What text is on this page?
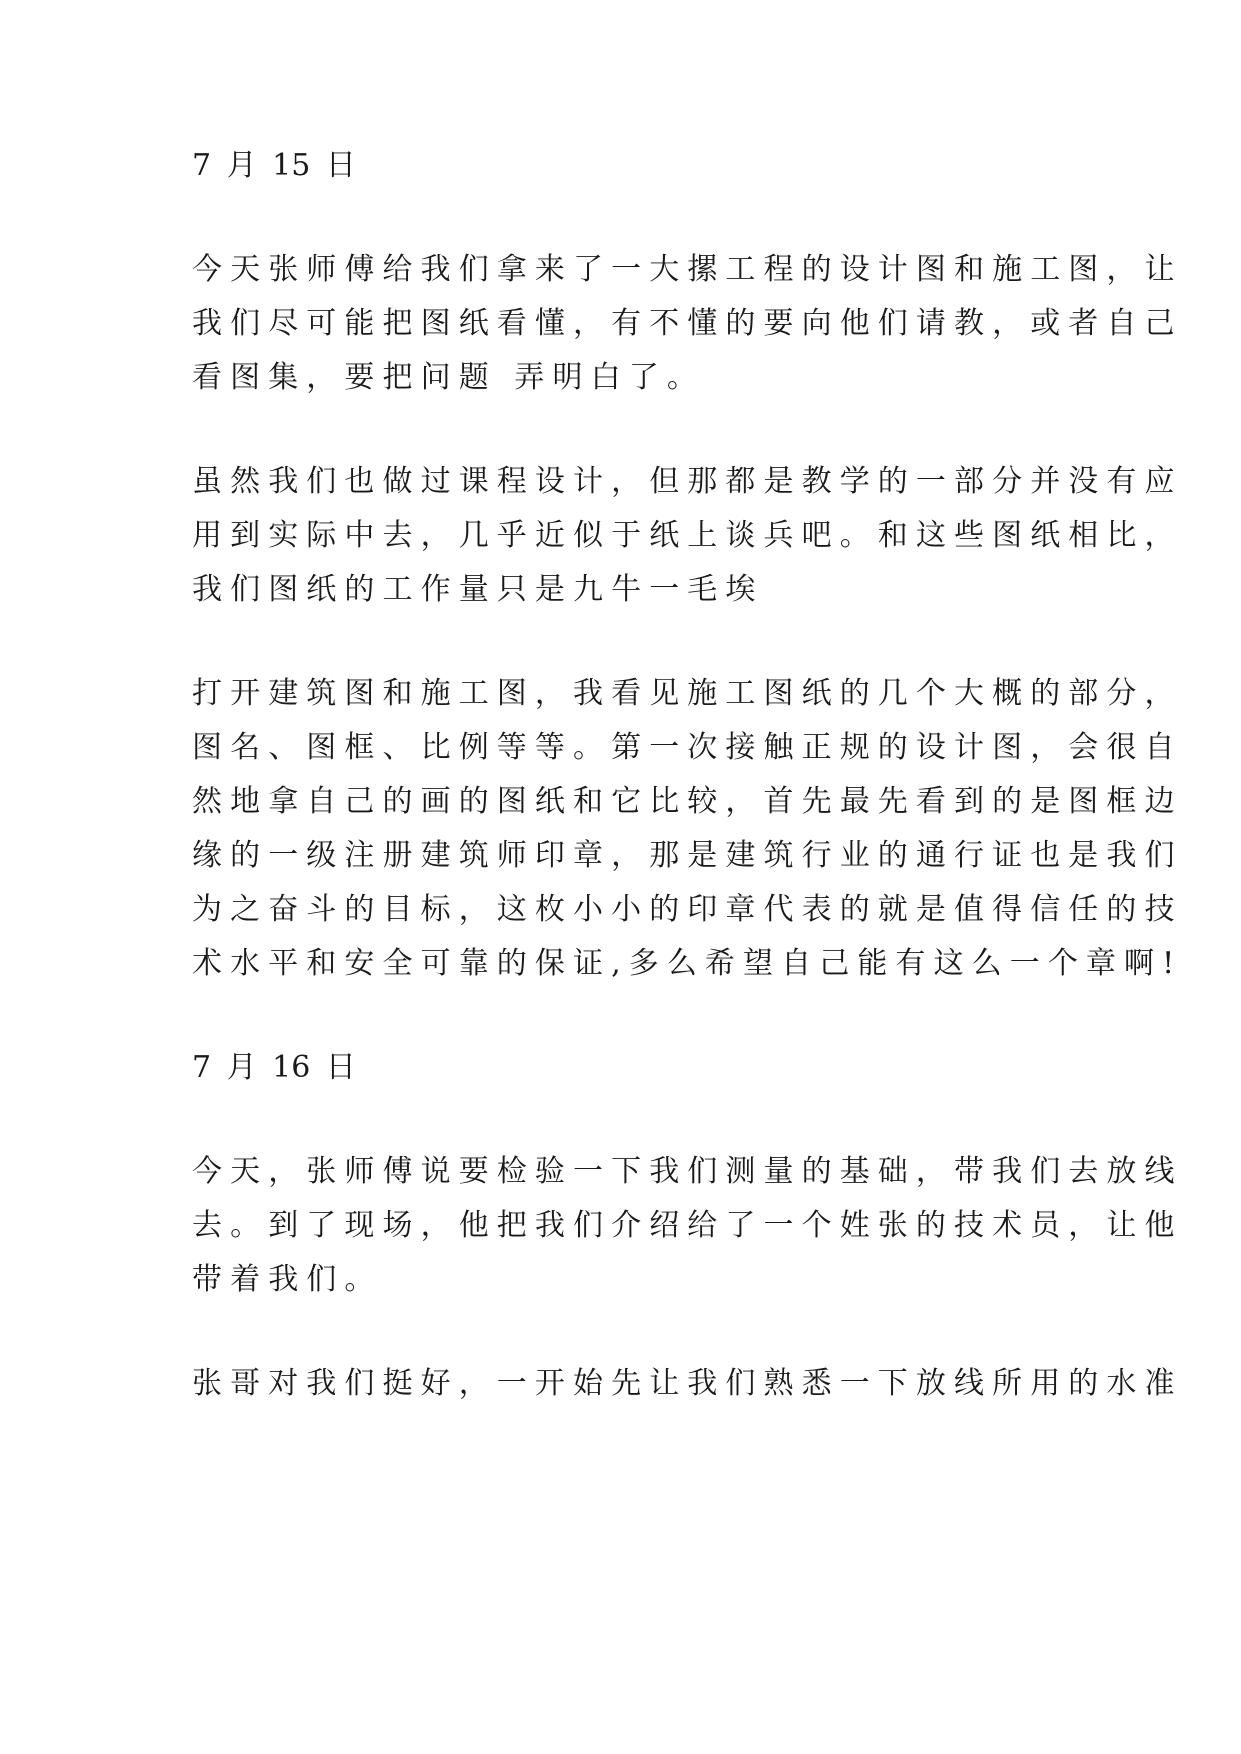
7 月 15 日
今天张师傅给我们拿来了一大摞工程的设计图和施工图，让
我们尽可能把图纸看懂，有不懂的要向他们请教，或者自己
看图集，要把问题 弄明白了。
虽然我们也做过课程设计，但那都是教学的一部分并没有应
用到实际中去，几乎近似于纸上谈兵吧。和这些图纸相比，
我们图纸的工作量只是九牛一毛埃
打开建筑图和施工图，我看见施工图纸的几个大概的部分，
图名、图框、比例等等。第一次接触正规的设计图，会很自
然地拿自己的画的图纸和它比较，首先最先看到的是图框边
缘的一级注册建筑师印章，那是建筑行业的通行证也是我们
为之奋斗的目标，这枚小小的印章代表的就是值得信任的技
术水平和安全可靠的保证,多么希望自己能有这么一个章啊!
7 月 16 日
今天，张师傅说要检验一下我们测量的基础，带我们去放线
去。到了现场，他把我们介绍给了一个姓张的技术员，让他
带着我们。
张哥对我们挺好，一开始先让我们熟悉一下放线所用的水准
